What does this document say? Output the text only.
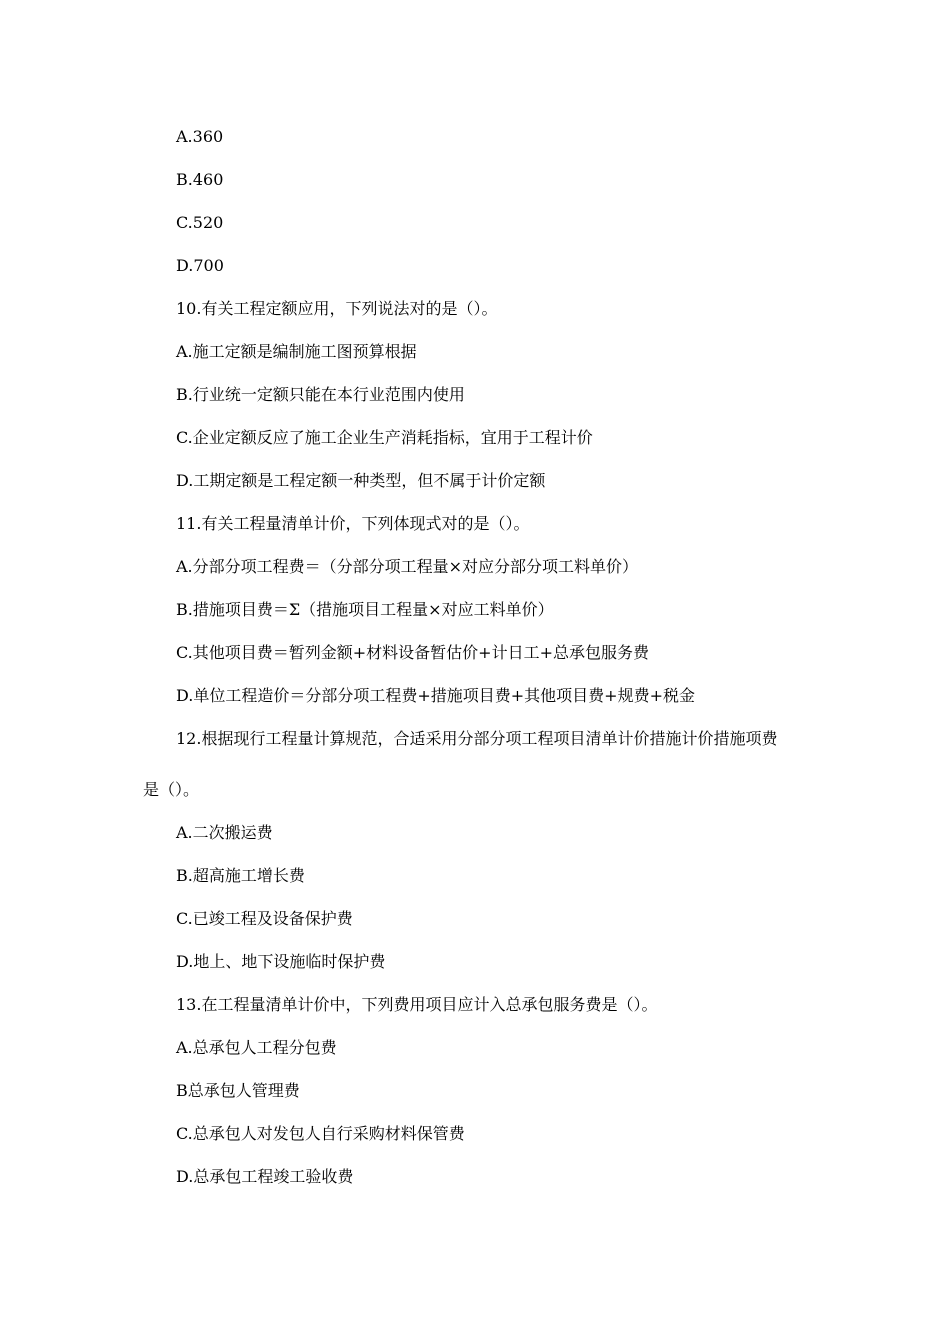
A.360
B.460
C.520
D.700
10.有关工程定额应用，下列说法对的是（）。
A.施工定额是编制施工图预算根据
B.行业统一定额只能在本行业范围内使用
C.企业定额反应了施工企业生产消耗指标，宜用于工程计价
D.工期定额是工程定额一种类型，但不属于计价定额
11.有关工程量清单计价，下列体现式对的是（）。
A.分部分项工程费＝（分部分项工程量×对应分部分项工料单价）
B.措施项目费＝Σ（措施项目工程量×对应工料单价）
C.其他项目费＝暂列金额+材料设备暂估价+计日工+总承包服务费
D.单位工程造价＝分部分项工程费+措施项目费+其他项目费+规费+税金
12.根据现行工程量计算规范，合适采用分部分项工程项目清单计价措施计价措施项费
是（）。
A.二次搬运费
B.超高施工增长费
C.已竣工程及设备保护费
D.地上、地下设施临时保护费
13.在工程量清单计价中，下列费用项目应计入总承包服务费是（）。
A.总承包人工程分包费
B总承包人管理费
C.总承包人对发包人自行采购材料保管费
D.总承包工程竣工验收费
